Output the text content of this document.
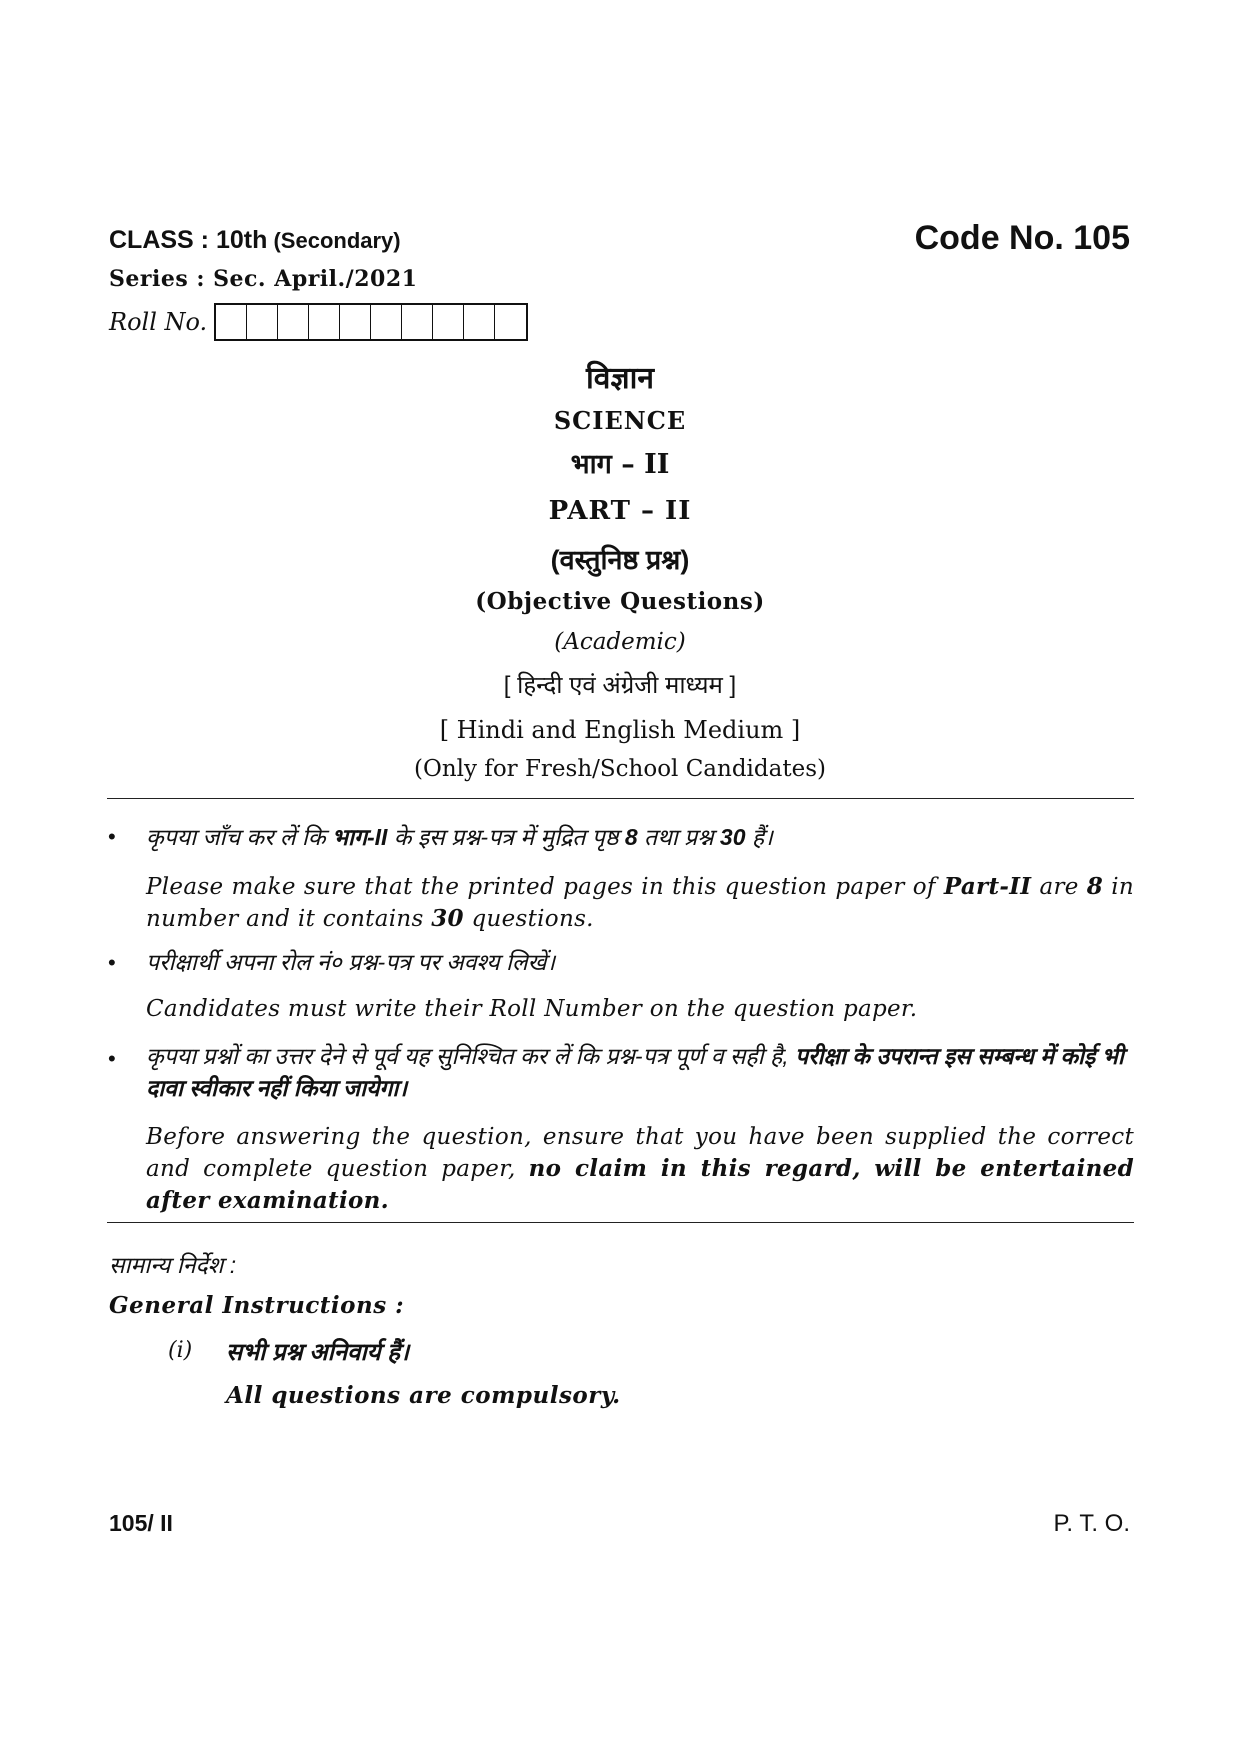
CLASS : 10th (Secondary)	Code No. 105
Series : Sec. April./2021
Roll No.
विज्ञान
SCIENCE
भाग – II
PART – II
(वस्तुनिष्ठ प्रश्न)
(Objective Questions)
(Academic)
[ हिन्दी एवं अंग्रेजी माध्यम ]
[ Hindi and English Medium ]
(Only for Fresh/School Candidates)
• कृपया जाँच कर लें कि भाग-II के इस प्रश्न-पत्र में मुद्रित पृष्ठ 8 तथा प्रश्न 30 हैं।
Please make sure that the printed pages in this question paper of Part-II are 8 in number and it contains 30 questions.
• परीक्षार्थी अपना रोल नं० प्रश्न-पत्र पर अवश्य लिखें।
Candidates must write their Roll Number on the question paper.
• कृपया प्रश्नों का उत्तर देने से पूर्व यह सुनिश्चित कर लें कि प्रश्न-पत्र पूर्ण व सही है, परीक्षा के उपरान्त इस सम्बन्ध में कोई भी दावा स्वीकार नहीं किया जायेगा।
Before answering the question, ensure that you have been supplied the correct and complete question paper, no claim in this regard, will be entertained after examination.
सामान्य निर्देश :
General Instructions :
(i) सभी प्रश्न अनिवार्य हैं।
All questions are compulsory.
105/ II	P. T. O.
